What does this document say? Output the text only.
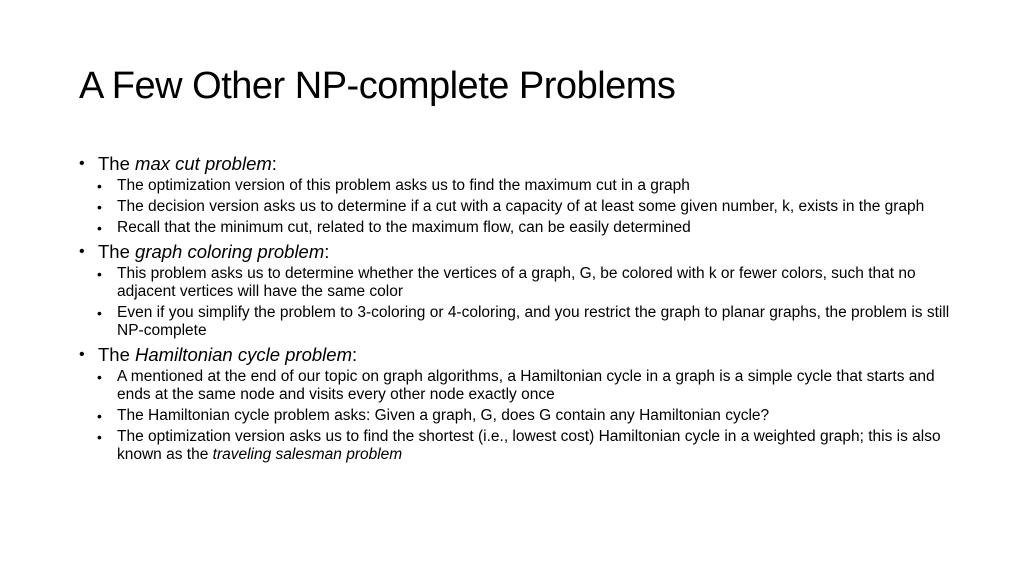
A Few Other NP-complete Problems
• The max cut problem:
• The optimization version of this problem asks us to find the maximum cut in a graph
• The decision version asks us to determine if a cut with a capacity of at least some given number, k, exists in the graph
• Recall that the minimum cut, related to the maximum flow, can be easily determined
• The graph coloring problem:
• This problem asks us to determine whether the vertices of a graph, G, be colored with k or fewer colors, such that no adjacent vertices will have the same color
• Even if you simplify the problem to 3-coloring or 4-coloring, and you restrict the graph to planar graphs, the problem is still NP-complete
• The Hamiltonian cycle problem:
• A mentioned at the end of our topic on graph algorithms, a Hamiltonian cycle in a graph is a simple cycle that starts and ends at the same node and visits every other node exactly once
• The Hamiltonian cycle problem asks: Given a graph, G, does G contain any Hamiltonian cycle?
• The optimization version asks us to find the shortest (i.e., lowest cost) Hamiltonian cycle in a weighted graph; this is also known as the traveling salesman problem
